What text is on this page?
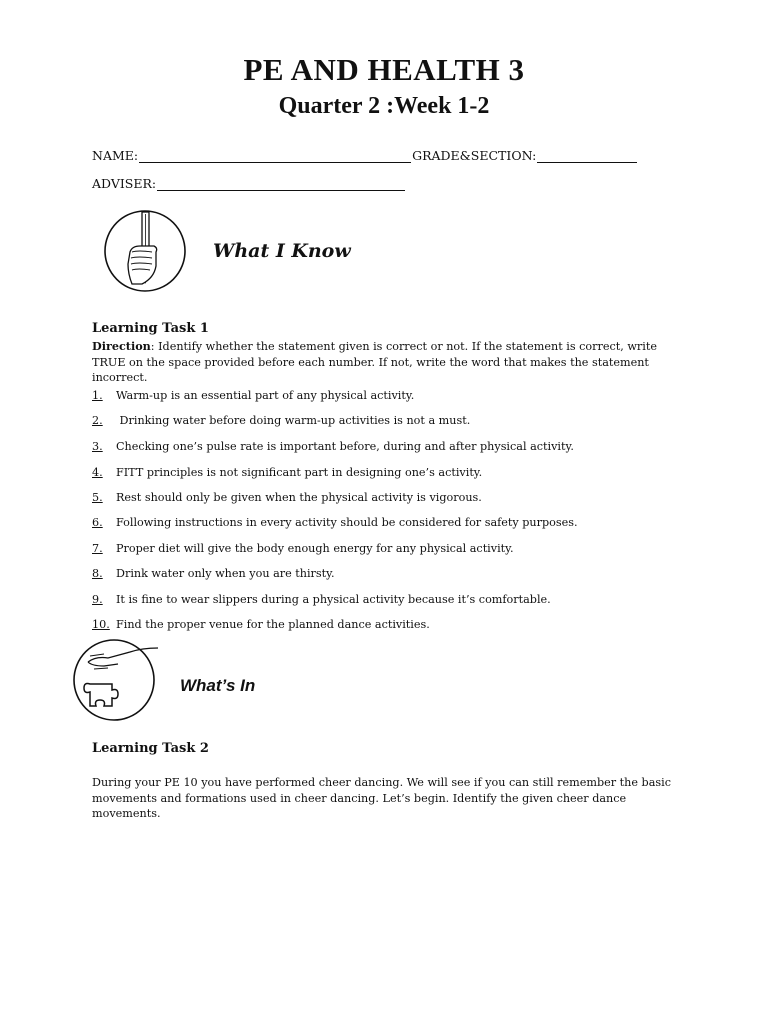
PE AND HEALTH 3
Quarter 2 :Week 1-2
NAME:	GRADE&SECTION:
ADVISER:
What I Know
Learning Task 1
Direction: Identify whether the statement given is correct or not. If the statement is correct, write TRUE on the space provided before each number. If not, write the word that makes the statement incorrect.
1.Warm-up is an essential part of any physical activity.
2. Drinking water before doing warm-up activities is not a must.
3.Checking one’s pulse rate is important before, during and after physical activity.
4.FITT principles is not significant part in designing one’s activity.
5.Rest should only be given when the physical activity is vigorous.
6.Following instructions in every activity should be considered for safety purposes.
7.Proper diet will give the body enough energy for any physical activity.
8.Drink water only when you are thirsty.
9.It is fine to wear slippers during a physical activity because it’s comfortable.
10. Find the proper venue for the planned dance activities.
What’s In
Learning Task 2
During your PE 10 you have performed cheer dancing. We will see if you can still remember the basic movements and formations used in cheer dancing. Let’s begin. Identify the given cheer dance movements.
